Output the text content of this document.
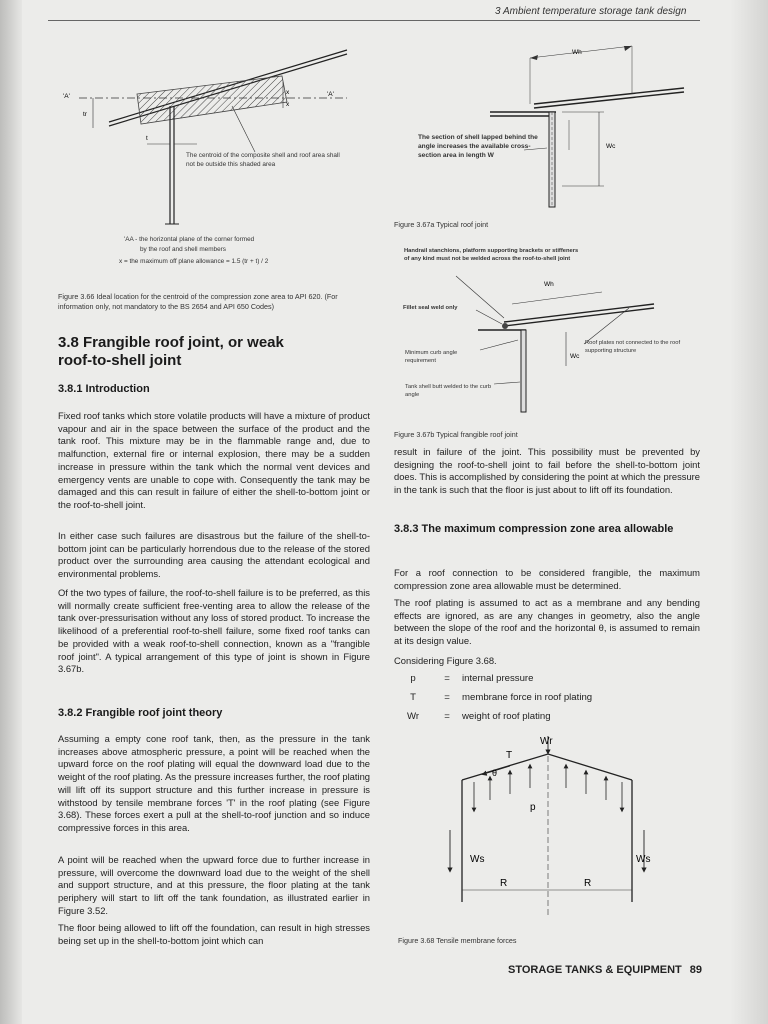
3 Ambient temperature storage tank design
'A'	'A'
tr
t
x
x
The centroid of the composite shell and roof area shall not be outside this shaded area
'AA - the horizontal plane of the corner formed
by the roof and shell members
x = the maximum off plane allowance = 1.5 (tr + t) / 2
Figure 3.66 Ideal location for the centroid of the compression zone area to API 620. (For information only, not mandatory to the BS 2654 and API 650 Codes)
3.8 Frangible roof joint, or weak roof-to-shell joint
3.8.1 Introduction

Fixed roof tanks which store volatile products will have a mixture of product vapour and air in the space between the surface of the product and the tank roof. This mixture may be in the flammable range and, due to malfunction, external fire or internal explosion, there may be a sudden increase in pressure within the tank which the normal vent devices and emergency vents are unable to cope with. Consequently the tank may be damaged and this can result in failure of either the shell-to-bottom joint or the roof-to-shell joint.

In either case such failures are disastrous but the failure of the shell-to-bottom joint can be particularly horrendous due to the release of the stored product over the surrounding area causing the attendant ecological and environmental problems.

Of the two types of failure, the roof-to-shell failure is to be preferred, as this will normally create sufficient free-venting area to allow the release of the tank over-pressurisation without any loss of stored product. To increase the likelihood of a preferential roof-to-shell failure, some fixed roof tanks can be provided with a weak roof-to-shell connection, known as a "frangible roof joint". A typical arrangement of this type of joint is shown in Figure 3.67b.

3.8.2 Frangible roof joint theory

Assuming a empty cone roof tank, then, as the pressure in the tank increases above atmospheric pressure, a point will be reached when the upward force on the roof plating will equal the downward load due to the weight of the roof plating. As the pressure increases further, the roof plating will lift off its support structure and this further increase in pressure is withstood by tensile membrane forces 'T' in the roof plating (see Figure 3.68). These forces exert a pull at the shell-to-roof junction and so induce compressive forces in this area.

A point will be reached when the upward force due to further increase in pressure, will overcome the downward load due to the weight of the shell and support structure, and at this pressure, the floor plating at the tank periphery will start to lift off the tank foundation, as illustrated earlier in Figure 3.52.

The floor being allowed to lift off the foundation, can result in high stresses being set up in the shell-to-bottom joint which can

Wh
Wc
The section of shell lapped behind the angle increases the available cross-section area in length W
Figure 3.67a Typical roof joint
Wh
Wc
Handrail stanchions, platform supporting brackets or stiffeners of any kind must not be welded across the roof-to-shell joint
Fillet seal weld only
Roof plates not connected to the roof supporting structure
Minimum curb angle requirement
Tank shell butt welded to the curb angle
Figure 3.67b Typical frangible roof joint

result in failure of the joint. This possibility must be prevented by designing the roof-to-shell joint to fail before the shell-to-bottom joint does. This is accomplished by considering the point at which the pressure in the tank is such that the floor is just about to lift off its foundation.

3.8.3 The maximum compression zone area allowable

For a roof connection to be considered frangible, the maximum compression zone area allowable must be determined.

The roof plating is assumed to act as a membrane and any bending effects are ignored, as are any changes in geometry, also the angle between the slope of the roof and the horizontal θ, is assumed to remain at its design value.

Considering Figure 3.68.

p	=	internal pressure
T	=	membrane force in roof plating
Wr	=	weight of roof plating
Wr
T
θ
p
Ws	Ws
R	R
Figure 3.68 Tensile membrane forces
STORAGE TANKS & EQUIPMENT 89
